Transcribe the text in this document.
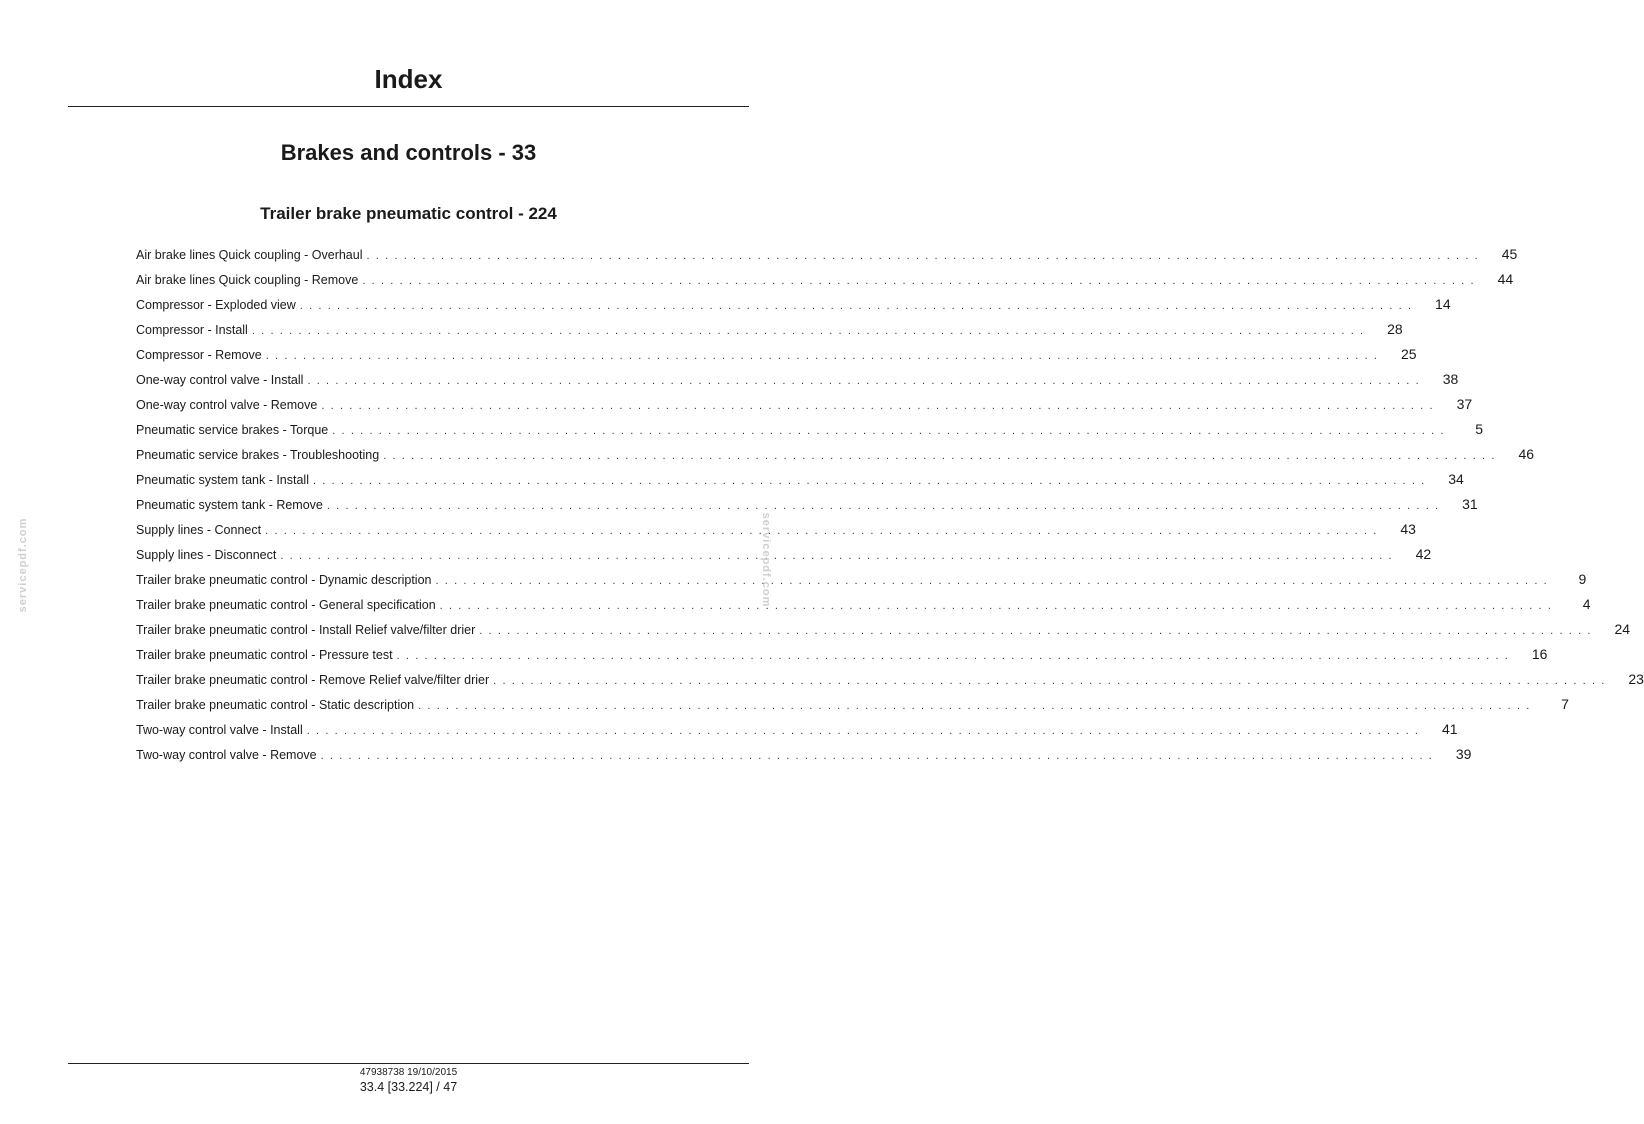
Index
Brakes and controls - 33
Trailer brake pneumatic control - 224
Air brake lines Quick coupling - Overhaul . . . . . . . . . . . . . . . . . . . . . . . . . . . . . . . . . . . . . . . . . . . . . . . . . . . . . . . . . . . . . . . . . . . . . . . . . . . . . . . . . . . . . . . . . . . . . . . . . . . . . . . . . . . . . . . . . . . . . . . .	45
Air brake lines Quick coupling - Remove . . . . . . . . . . . . . . . . . . . . . . . . . . . . . . . . . . . . . . . . . . . . . . . . . . . . . . . . . . . . . . . . . . . . . . . . . . . . . . . . . . . . . . . . . . . . . . . . . . . . . . . . . . . . . . . . . . . . . . . .	44
Compressor - Exploded view . . . . . . . . . . . . . . . . . . . . . . . . . . . . . . . . . . . . . . . . . . . . . . . . . . . . . . . . . . . . . . . . . . . . . . . . . . . . . . . . . . . . . . . . . . . . . . . . . . . . . . . . . . . . . . . . . . . . . . . .	14
Compressor - Install . . . . . . . . . . . . . . . . . . . . . . . . . . . . . . . . . . . . . . . . . . . . . . . . . . . . . . . . . . . . . . . . . . . . . . . . . . . . . . . . . . . . . . . . . . . . . . . . . . . . . . . . . . . . . . . . . . . . . . . .	28
Compressor - Remove . . . . . . . . . . . . . . . . . . . . . . . . . . . . . . . . . . . . . . . . . . . . . . . . . . . . . . . . . . . . . . . . . . . . . . . . . . . . . . . . . . . . . . . . . . . . . . . . . . . . . . . . . . . . . . . . . . . . . . . .	25
One-way control valve - Install . . . . . . . . . . . . . . . . . . . . . . . . . . . . . . . . . . . . . . . . . . . . . . . . . . . . . . . . . . . . . . . . . . . . . . . . . . . . . . . . . . . . . . . . . . . . . . . . . . . . . . . . . . . . . . . . . . . . . . . .	38
One-way control valve - Remove . . . . . . . . . . . . . . . . . . . . . . . . . . . . . . . . . . . . . . . . . . . . . . . . . . . . . . . . . . . . . . . . . . . . . . . . . . . . . . . . . . . . . . . . . . . . . . . . . . . . . . . . . . . . . . . . . . . . . . . .	37
Pneumatic service brakes - Torque . . . . . . . . . . . . . . . . . . . . . . . . . . . . . . . . . . . . . . . . . . . . . . . . . . . . . . . . . . . . . . . . . . . . . . . . . . . . . . . . . . . . . . . . . . . . . . . . . . . . . . . . . . . . . . . . . . . . . . . .	5
Pneumatic service brakes - Troubleshooting . . . . . . . . . . . . . . . . . . . . . . . . . . . . . . . . . . . . . . . . . . . . . . . . . . . . . . . . . . . . . . . . . . . . . . . . . . . . . . . . . . . . . . . . . . . . . . . . . . . . . . . . . . . . . . . . . . . . . . . .	46
Pneumatic system tank - Install . . . . . . . . . . . . . . . . . . . . . . . . . . . . . . . . . . . . . . . . . . . . . . . . . . . . . . . . . . . . . . . . . . . . . . . . . . . . . . . . . . . . . . . . . . . . . . . . . . . . . . . . . . . . . . . . . . . . . . . .	34
Pneumatic system tank - Remove . . . . . . . . . . . . . . . . . . . . . . . . . . . . . . . . . . . . . . . . . . . . . . . . . . . . . . . . . . . . . . . . . . . . . . . . . . . . . . . . . . . . . . . . . . . . . . . . . . . . . . . . . . . . . . . . . . . . . . . .	31
Supply lines - Connect . . . . . . . . . . . . . . . . . . . . . . . . . . . . . . . . . . . . . . . . . . . . . . . . . . . . . . . . . . . . . . . . . . . . . . . . . . . . . . . . . . . . . . . . . . . . . . . . . . . . . . . . . . . . . . . . . . . . . . . .	43
Supply lines - Disconnect . . . . . . . . . . . . . . . . . . . . . . . . . . . . . . . . . . . . . . . . . . . . . . . . . . . . . . . . . . . . . . . . . . . . . . . . . . . . . . . . . . . . . . . . . . . . . . . . . . . . . . . . . . . . . . . . . . . . . . . .	42
Trailer brake pneumatic control - Dynamic description . . . . . . . . . . . . . . . . . . . . . . . . . . . . . . . . . . . . . . . . . . . . . . . . . . . . . . . . . . . . . . . . . . . . . . . . . . . . . . . . . . . . . . . . . . . . . . . . . . . . . . . . . . . . . . . . . . . . . . . .	9
Trailer brake pneumatic control - General specification . . . . . . . . . . . . . . . . . . . . . . . . . . . . . . . . . . . . . . . . . . . . . . . . . . . . . . . . . . . . . . . . . . . . . . . . . . . . . . . . . . . . . . . . . . . . . . . . . . . . . . . . . . . . . . . . . . . . . . . .	4
Trailer brake pneumatic control - Install Relief valve/filter drier . . . . . . . . . . . . . . . . . . . . . . . . . . . . . . . . . . . . . . . . . . . . . . . . . . . . . . . . . . . . . . . . . . . . . . . . . . . . . . . . . . . . . . . . . . . . . . . . . . . . . . . . . . . . . . . . . . . . . . . .	24
Trailer brake pneumatic control - Pressure test . . . . . . . . . . . . . . . . . . . . . . . . . . . . . . . . . . . . . . . . . . . . . . . . . . . . . . . . . . . . . . . . . . . . . . . . . . . . . . . . . . . . . . . . . . . . . . . . . . . . . . . . . . . . . . . . . . . . . . . .	16
Trailer brake pneumatic control - Remove Relief valve/filter drier . . . . . . . . . . . . . . . . . . . . . . . . . . . . . . . . . . . . . . . . . . . . . . . . . . . . . . . . . . . . . . . . . . . . . . . . . . . . . . . . . . . . . . . . . . . . . . . . . . . . . . . . . . . . . . . . . . . . . . . .	23
Trailer brake pneumatic control - Static description . . . . . . . . . . . . . . . . . . . . . . . . . . . . . . . . . . . . . . . . . . . . . . . . . . . . . . . . . . . . . . . . . . . . . . . . . . . . . . . . . . . . . . . . . . . . . . . . . . . . . . . . . . . . . . . . . . . . . . . .	7
Two-way control valve - Install . . . . . . . . . . . . . . . . . . . . . . . . . . . . . . . . . . . . . . . . . . . . . . . . . . . . . . . . . . . . . . . . . . . . . . . . . . . . . . . . . . . . . . . . . . . . . . . . . . . . . . . . . . . . . . . . . . . . . . . .	41
Two-way control valve - Remove . . . . . . . . . . . . . . . . . . . . . . . . . . . . . . . . . . . . . . . . . . . . . . . . . . . . . . . . . . . . . . . . . . . . . . . . . . . . . . . . . . . . . . . . . . . . . . . . . . . . . . . . . . . . . . . . . . . . . . . .	39
servicepdf.com	servicepdf.com
47938738 19/10/2015
33.4 [33.224] / 47
